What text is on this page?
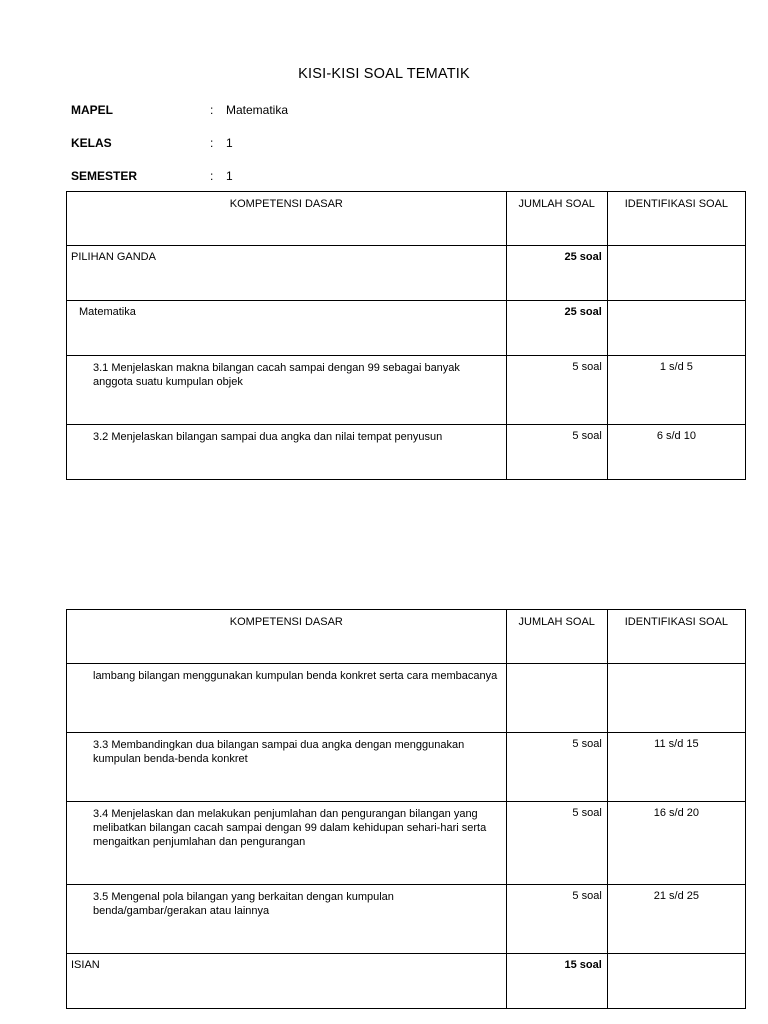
KISI-KISI SOAL TEMATIK
MAPEL	: Matematika
KELAS	: 1
SEMESTER	: 1
KOMPETENSI DASAR	JUMLAH SOAL	IDENTIFIKASI SOAL
PILIHAN GANDA	25 soal	
Matematika	25 soal	
3.1 Menjelaskan makna bilangan cacah sampai dengan 99 sebagai banyak anggota suatu kumpulan objek	5 soal	1 s/d 5
3.2 Menjelaskan bilangan sampai dua angka dan nilai tempat penyusun	5 soal	6 s/d 10
KOMPETENSI DASAR	JUMLAH SOAL	IDENTIFIKASI SOAL
lambang bilangan menggunakan kumpulan benda konkret serta cara membacanya		
3.3 Membandingkan dua bilangan sampai dua angka dengan menggunakan kumpulan benda-benda konkret	5 soal	11 s/d 15
3.4 Menjelaskan dan melakukan penjumlahan dan pengurangan bilangan yang melibatkan bilangan cacah sampai dengan 99 dalam kehidupan sehari-hari serta mengaitkan penjumlahan dan pengurangan	5 soal	16 s/d 20
3.5 Mengenal pola bilangan yang berkaitan dengan kumpulan benda/gambar/gerakan atau lainnya	5 soal	21 s/d 25
ISIAN	15 soal	
